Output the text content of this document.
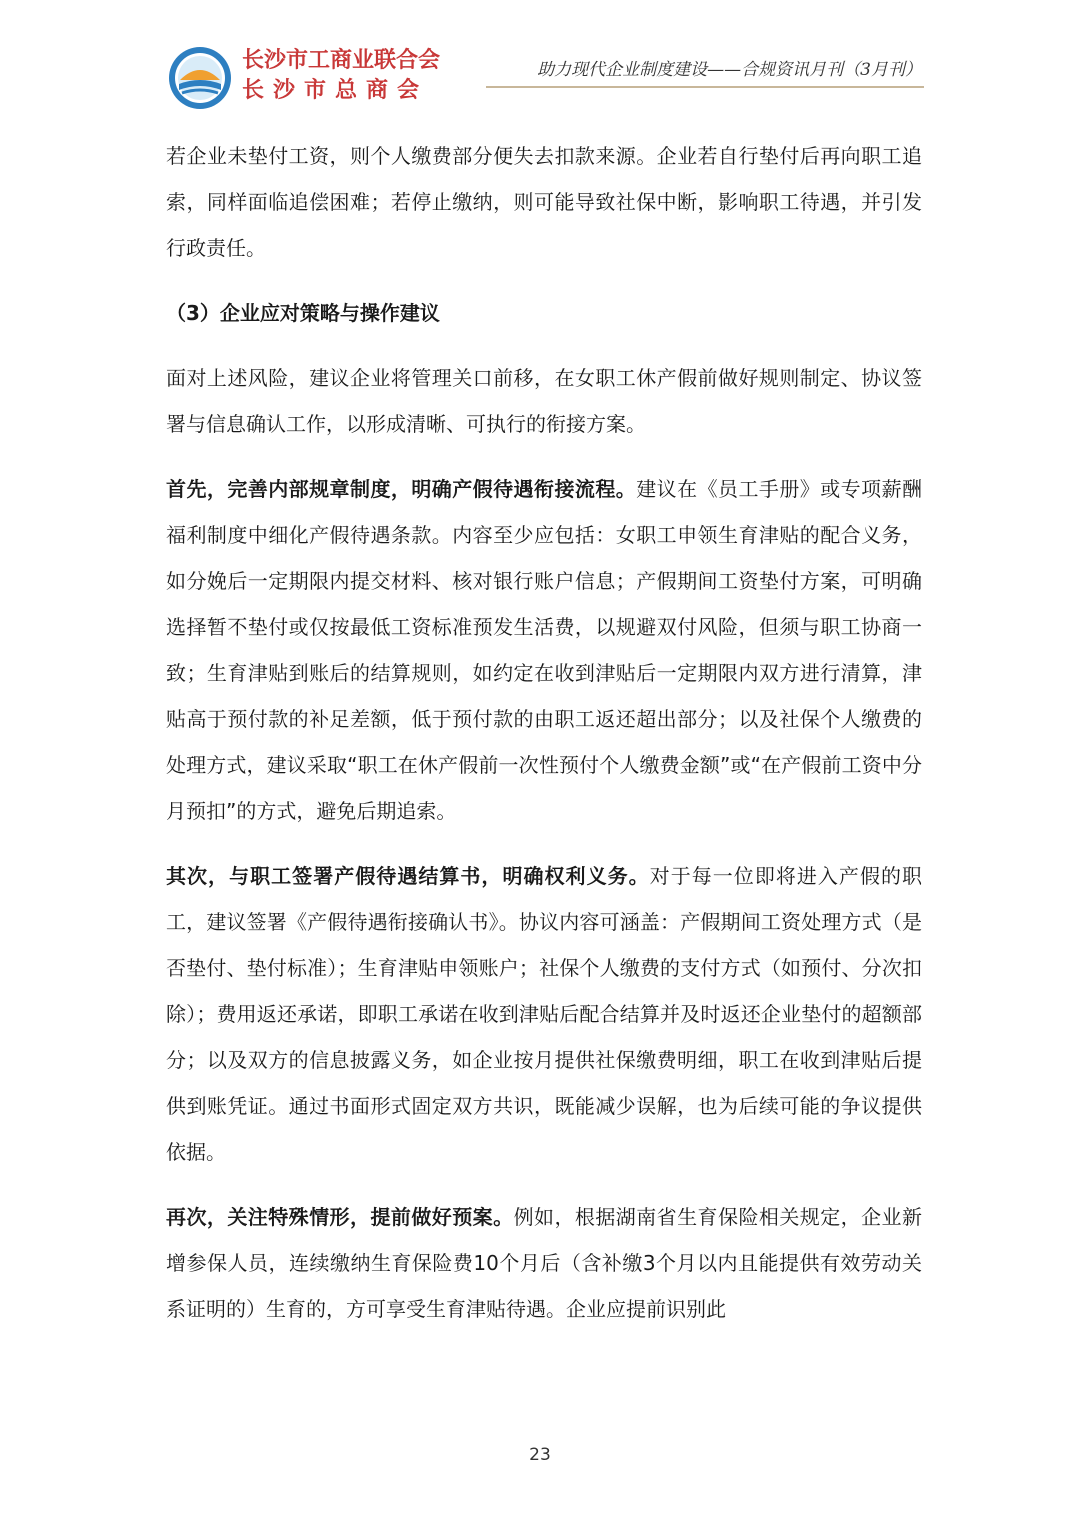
长沙市工商业联合会
长沙市总商会
助力现代企业制度建设——合规资讯月刊（3月刊）

若企业未垫付工资，则个人缴费部分便失去扣款来源。企业若自行垫付后再向职工追索，同样面临追偿困难；若停止缴纳，则可能导致社保中断，影响职工待遇，并引发行政责任。

（3）企业应对策略与操作建议

面对上述风险，建议企业将管理关口前移，在女职工休产假前做好规则制定、协议签署与信息确认工作，以形成清晰、可执行的衔接方案。

首先，完善内部规章制度，明确产假待遇衔接流程。建议在《员工手册》或专项薪酬福利制度中细化产假待遇条款。内容至少应包括：女职工申领生育津贴的配合义务，如分娩后一定期限内提交材料、核对银行账户信息；产假期间工资垫付方案，可明确选择暂不垫付或仅按最低工资标准预发生活费，以规避双付风险，但须与职工协商一致；生育津贴到账后的结算规则，如约定在收到津贴后一定期限内双方进行清算，津贴高于预付款的补足差额，低于预付款的由职工返还超出部分；以及社保个人缴费的处理方式，建议采取“职工在休产假前一次性预付个人缴费金额”或“在产假前工资中分月预扣”的方式，避免后期追索。

其次，与职工签署产假待遇结算书，明确权利义务。对于每一位即将进入产假的职工，建议签署《产假待遇衔接确认书》。协议内容可涵盖：产假期间工资处理方式（是否垫付、垫付标准）；生育津贴申领账户；社保个人缴费的支付方式（如预付、分次扣除）；费用返还承诺，即职工承诺在收到津贴后配合结算并及时返还企业垫付的超额部分；以及双方的信息披露义务，如企业按月提供社保缴费明细，职工在收到津贴后提供到账凭证。通过书面形式固定双方共识，既能减少误解，也为后续可能的争议提供依据。

再次，关注特殊情形，提前做好预案。例如，根据湖南省生育保险相关规定，企业新增参保人员，连续缴纳生育保险费10个月后（含补缴3个月以内且能提供有效劳动关系证明的）生育的，方可享受生育津贴待遇。企业应提前识别此

23
